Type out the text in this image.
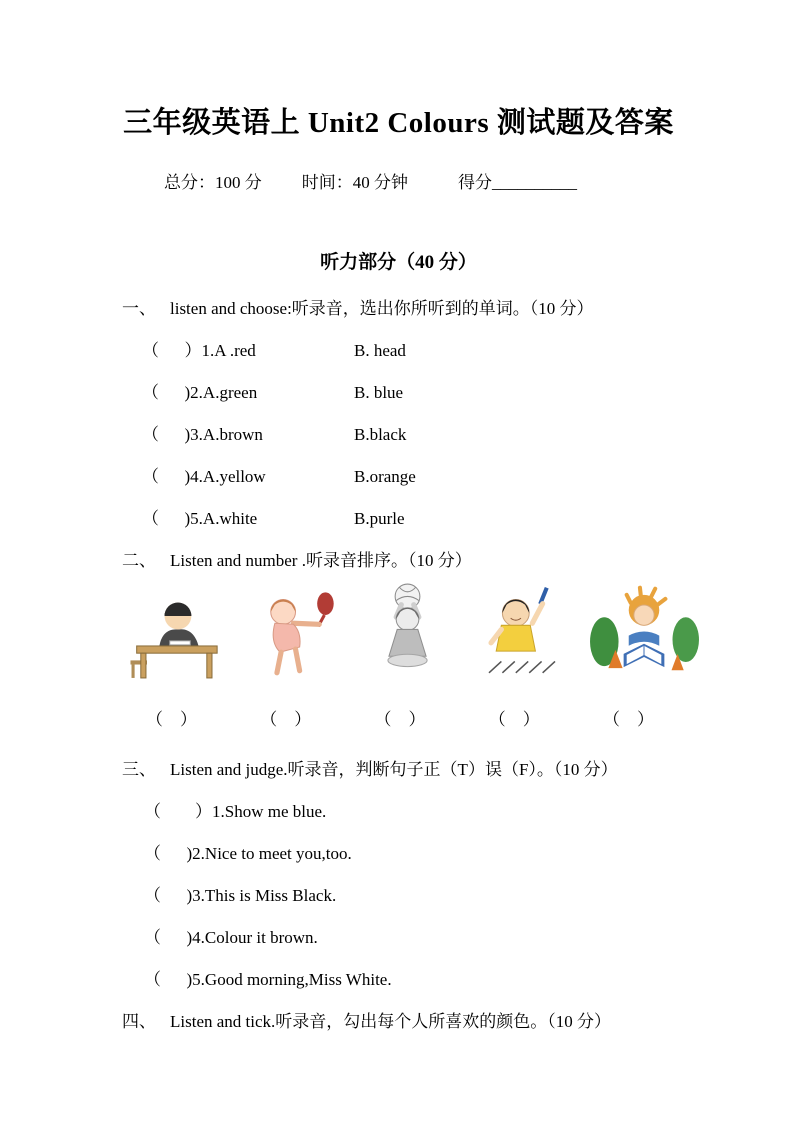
三年级英语上 Unit2 Colours 测试题及答案
总分：100 分 时间：40 分钟	得分__________
听力部分（40 分）
一、 listen and choose:听录音，选出你所听到的单词。（10 分）
（      ）1.A .red	B. head
（      )2.A.green	B. blue
（      )3.A.brown	B.black
（      )4.A.yellow	B.orange
（      )5.A.white	B.purle
二、 Listen and number .听录音排序。（10 分）
（    ）	（    ）	（    ）	（    ）	（    ）
三、 Listen and judge.听录音，判断句子正（T）误（F）。（10 分）
（        ）1.Show me blue.
（      )2.Nice to meet you,too.
（      )3.This is Miss Black.
（      )4.Colour it brown.
（      )5.Good morning,Miss White.
四、 Listen and tick.听录音，勾出每个人所喜欢的颜色。（10 分）
